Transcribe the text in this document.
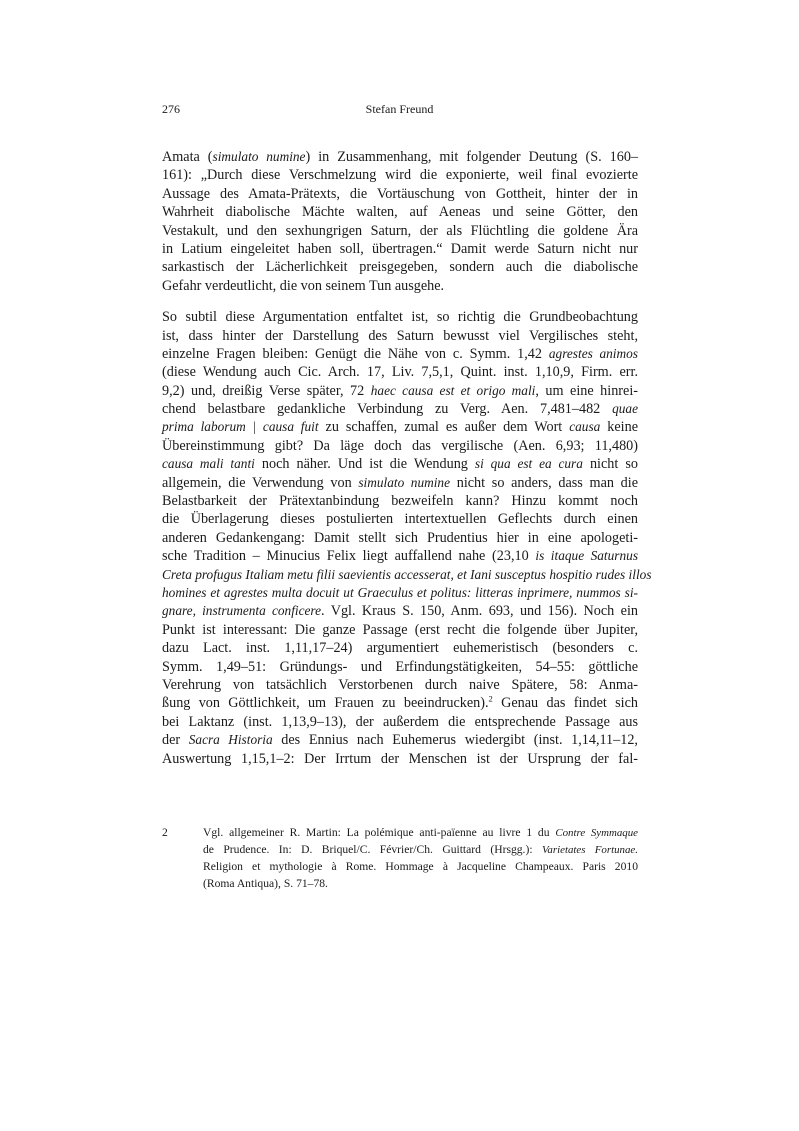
276	Stefan Freund
Amata (simulato numine) in Zusammenhang, mit folgender Deutung (S. 160–
161): „Durch diese Verschmelzung wird die exponierte, weil final evozierte
Aussage des Amata-Prätexts, die Vortäuschung von Gottheit, hinter der in
Wahrheit diabolische Mächte walten, auf Aeneas und seine Götter, den
Vestakult, und den sexhungrigen Saturn, der als Flüchtling die goldene Ära
in Latium eingeleitet haben soll, übertragen.“ Damit werde Saturn nicht nur
sarkastisch der Lächerlichkeit preisgegeben, sondern auch die diabolische
Gefahr verdeutlicht, die von seinem Tun ausgehe.
So subtil diese Argumentation entfaltet ist, so richtig die Grundbeobachtung
ist, dass hinter der Darstellung des Saturn bewusst viel Vergilisches steht,
einzelne Fragen bleiben: Genügt die Nähe von c. Symm. 1,42 agrestes animos
(diese Wendung auch Cic. Arch. 17, Liv. 7,5,1, Quint. inst. 1,10,9, Firm. err.
9,2) und, dreißig Verse später, 72 haec causa est et origo mali, um eine hinrei-
chend belastbare gedankliche Verbindung zu Verg. Aen. 7,481–482 quae
prima laborum | causa fuit zu schaffen, zumal es außer dem Wort causa keine
Übereinstimmung gibt? Da läge doch das vergilische (Aen. 6,93; 11,480)
causa mali tanti noch näher. Und ist die Wendung si qua est ea cura nicht so
allgemein, die Verwendung von simulato numine nicht so anders, dass man die
Belastbarkeit der Prätextanbindung bezweifeln kann? Hinzu kommt noch
die Überlagerung dieses postulierten intertextuellen Geflechts durch einen
anderen Gedankengang: Damit stellt sich Prudentius hier in eine apologeti-
sche Tradition – Minucius Felix liegt auffallend nahe (23,10 is itaque Saturnus
Creta profugus Italiam metu filii saevientis accesserat, et Iani susceptus hospitio rudes illos
homines et agrestes multa docuit ut Graeculus et politus: litteras inprimere, nummos si-
gnare, instrumenta conficere. Vgl. Kraus S. 150, Anm. 693, und 156). Noch ein
Punkt ist interessant: Die ganze Passage (erst recht die folgende über Jupiter,
dazu Lact. inst. 1,11,17–24) argumentiert euhemeristisch (besonders c.
Symm. 1,49–51: Gründungs- und Erfindungstätigkeiten, 54–55: göttliche
Verehrung von tatsächlich Verstorbenen durch naive Spätere, 58: Anma-
ßung von Göttlichkeit, um Frauen zu beeindrucken).$^2$ Genau das findet sich
bei Laktanz (inst. 1,13,9–13), der außerdem die entsprechende Passage aus
der Sacra Historia des Ennius nach Euhemerus wiedergibt (inst. 1,14,11–12,
Auswertung 1,15,1–2: Der Irrtum der Menschen ist der Ursprung der fal-
2	Vgl. allgemeiner R. Martin: La polémique anti-païenne au livre 1 du Contre Symmaque
de Prudence. In: D. Briquel/C. Février/Ch. Guittard (Hrsgg.): Varietates Fortunae.
Religion et mythologie à Rome. Hommage à Jacqueline Champeaux. Paris 2010
(Roma Antiqua), S. 71–78.
